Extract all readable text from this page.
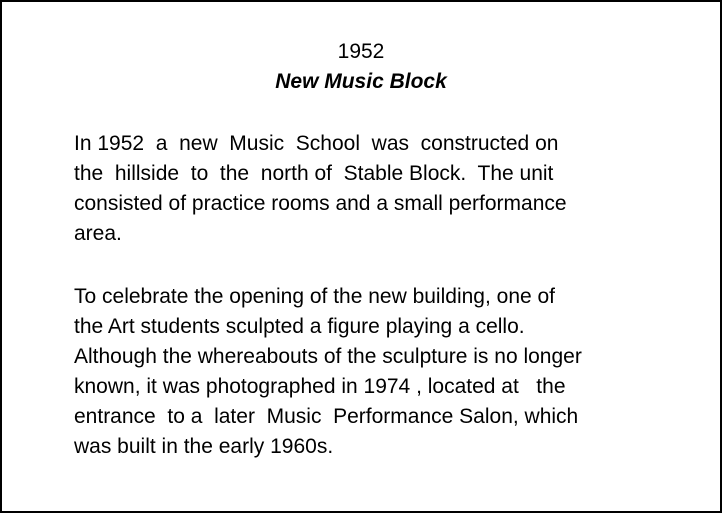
1952
New Music Block

In 1952  a  new  Music  School  was  constructed on
the  hillside  to  the  north of  Stable Block.  The unit
consisted of practice rooms and a small performance
area.

To celebrate the opening of the new building, one of
the Art students sculpted a figure playing a cello.
Although the whereabouts of the sculpture is no longer
known, it was photographed in 1974 , located at   the
entrance  to a  later  Music  Performance Salon, which
was built in the early 1960s.
